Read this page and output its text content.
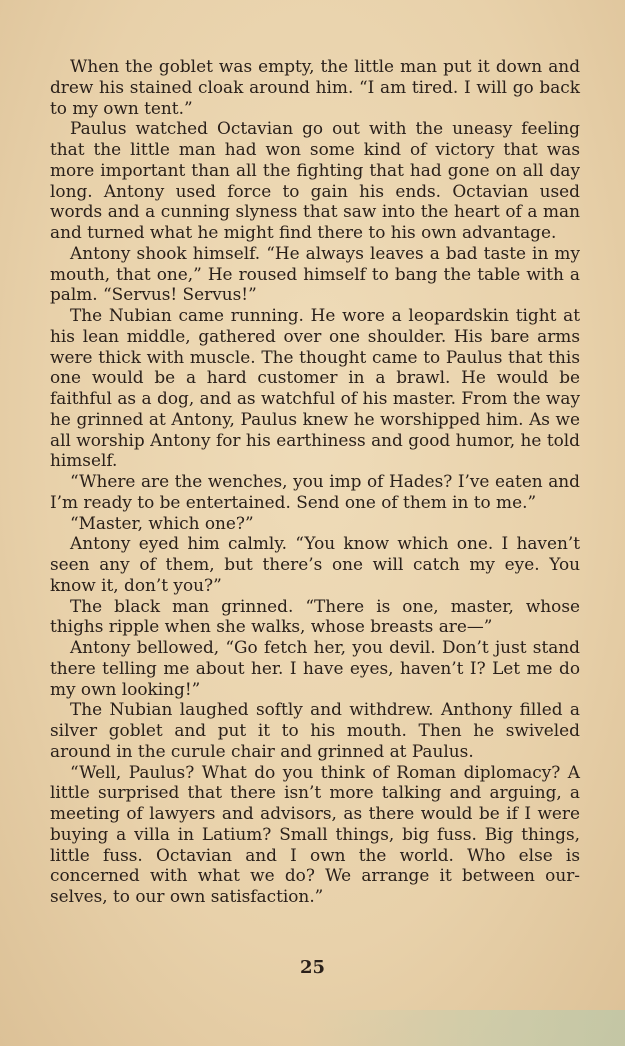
When the goblet was empty, the little man put it down and drew his stained cloak around him. “I am tired. I will go back to my own tent.”

Paulus watched Octavian go out with the uneasy feeling that the little man had won some kind of victory that was more important than all the fighting that had gone on all day long. Antony used force to gain his ends. Octavian used words and a cunning slyness that saw into the heart of a man and turned what he might find there to his own advantage.

Antony shook himself. “He always leaves a bad taste in my mouth, that one,” He roused himself to bang the table with a palm. “Servus! Servus!”

The Nubian came running. He wore a leopardskin tight at his lean middle, gathered over one shoulder. His bare arms were thick with muscle. The thought came to Paulus that this one would be a hard customer in a brawl. He would be faithful as a dog, and as watchful of his master. From the way he grinned at Antony, Paulus knew he worshipped him. As we all worship Antony for his earthiness and good humor, he told himself.

“Where are the wenches, you imp of Hades? I’ve eaten and I’m ready to be entertained. Send one of them in to me.”

“Master, which one?”

Antony eyed him calmly. “You know which one. I haven’t seen any of them, but there’s one will catch my eye. You know it, don’t you?”

The black man grinned. “There is one, master, whose thighs ripple when she walks, whose breasts are—”

Antony bellowed, “Go fetch her, you devil. Don’t just stand there telling me about her. I have eyes, haven’t I? Let me do my own looking!”

The Nubian laughed softly and withdrew. Anthony filled a silver goblet and put it to his mouth. Then he swiveled around in the curule chair and grinned at Paulus.

“Well, Paulus? What do you think of Roman diplomacy? A little surprised that there isn’t more talking and arguing, a meeting of lawyers and advisors, as there would be if I were buying a villa in Latium? Small things, big fuss. Big things, little fuss. Octavian and I own the world. Who else is concerned with what we do? We arrange it between ourselves, to our own satisfaction.”

25
